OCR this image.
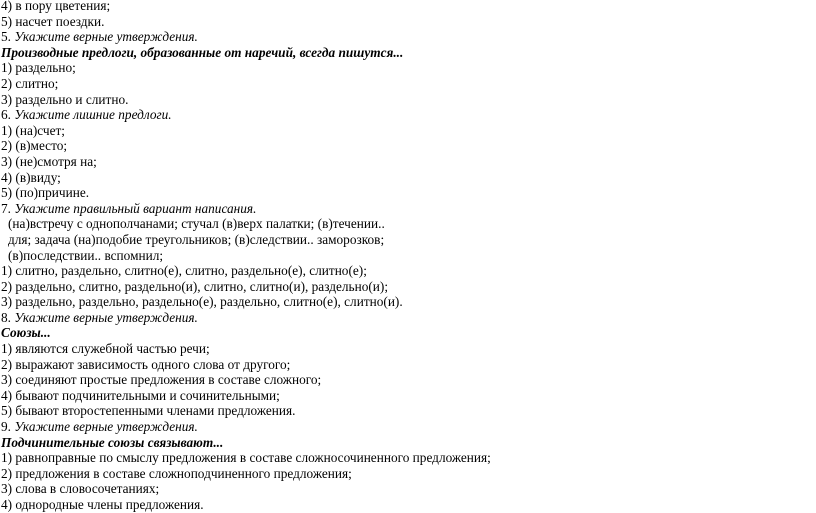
4) в пору цветения;
5) насчет поездки.
5. Укажите верные утверждения.
Производные предлоги, образованные от наречий, всегда пишутся...
1) раздельно;
2) слитно;
3) раздельно и слитно.
6. Укажите лишние предлоги.
1) (на)счет;
2) (в)место;
3) (не)смотря на;
4) (в)виду;
5) (по)причине.
7. Укажите правильный вариант написания.
(на)встречу с однополчанами; стучал (в)верх палатки; (в)течении..
для; задача (на)подобие треугольников; (в)следствии.. заморозков;
(в)последствии.. вспомнил;
1) слитно, раздельно, слитно(е), слитно, раздельно(е), слитно(е);
2) раздельно, слитно, раздельно(и), слитно, слитно(и), раздельно(и);
3) раздельно, раздельно, раздельно(е), раздельно, слитно(е), слитно(и).
8. Укажите верные утверждения.
Союзы...
1) являются служебной частью речи;
2) выражают зависимость одного слова от другого;
3) соединяют простые предложения в составе сложного;
4) бывают подчинительными и сочинительными;
5) бывают второстепенными членами предложения.
9. Укажите верные утверждения.
Подчинительные союзы связывают...
1) равноправные по смыслу предложения в составе сложносочиненного предложения;
2) предложения в составе сложноподчиненного предложения;
3) слова в словосочетаниях;
4) однородные члены предложения.
